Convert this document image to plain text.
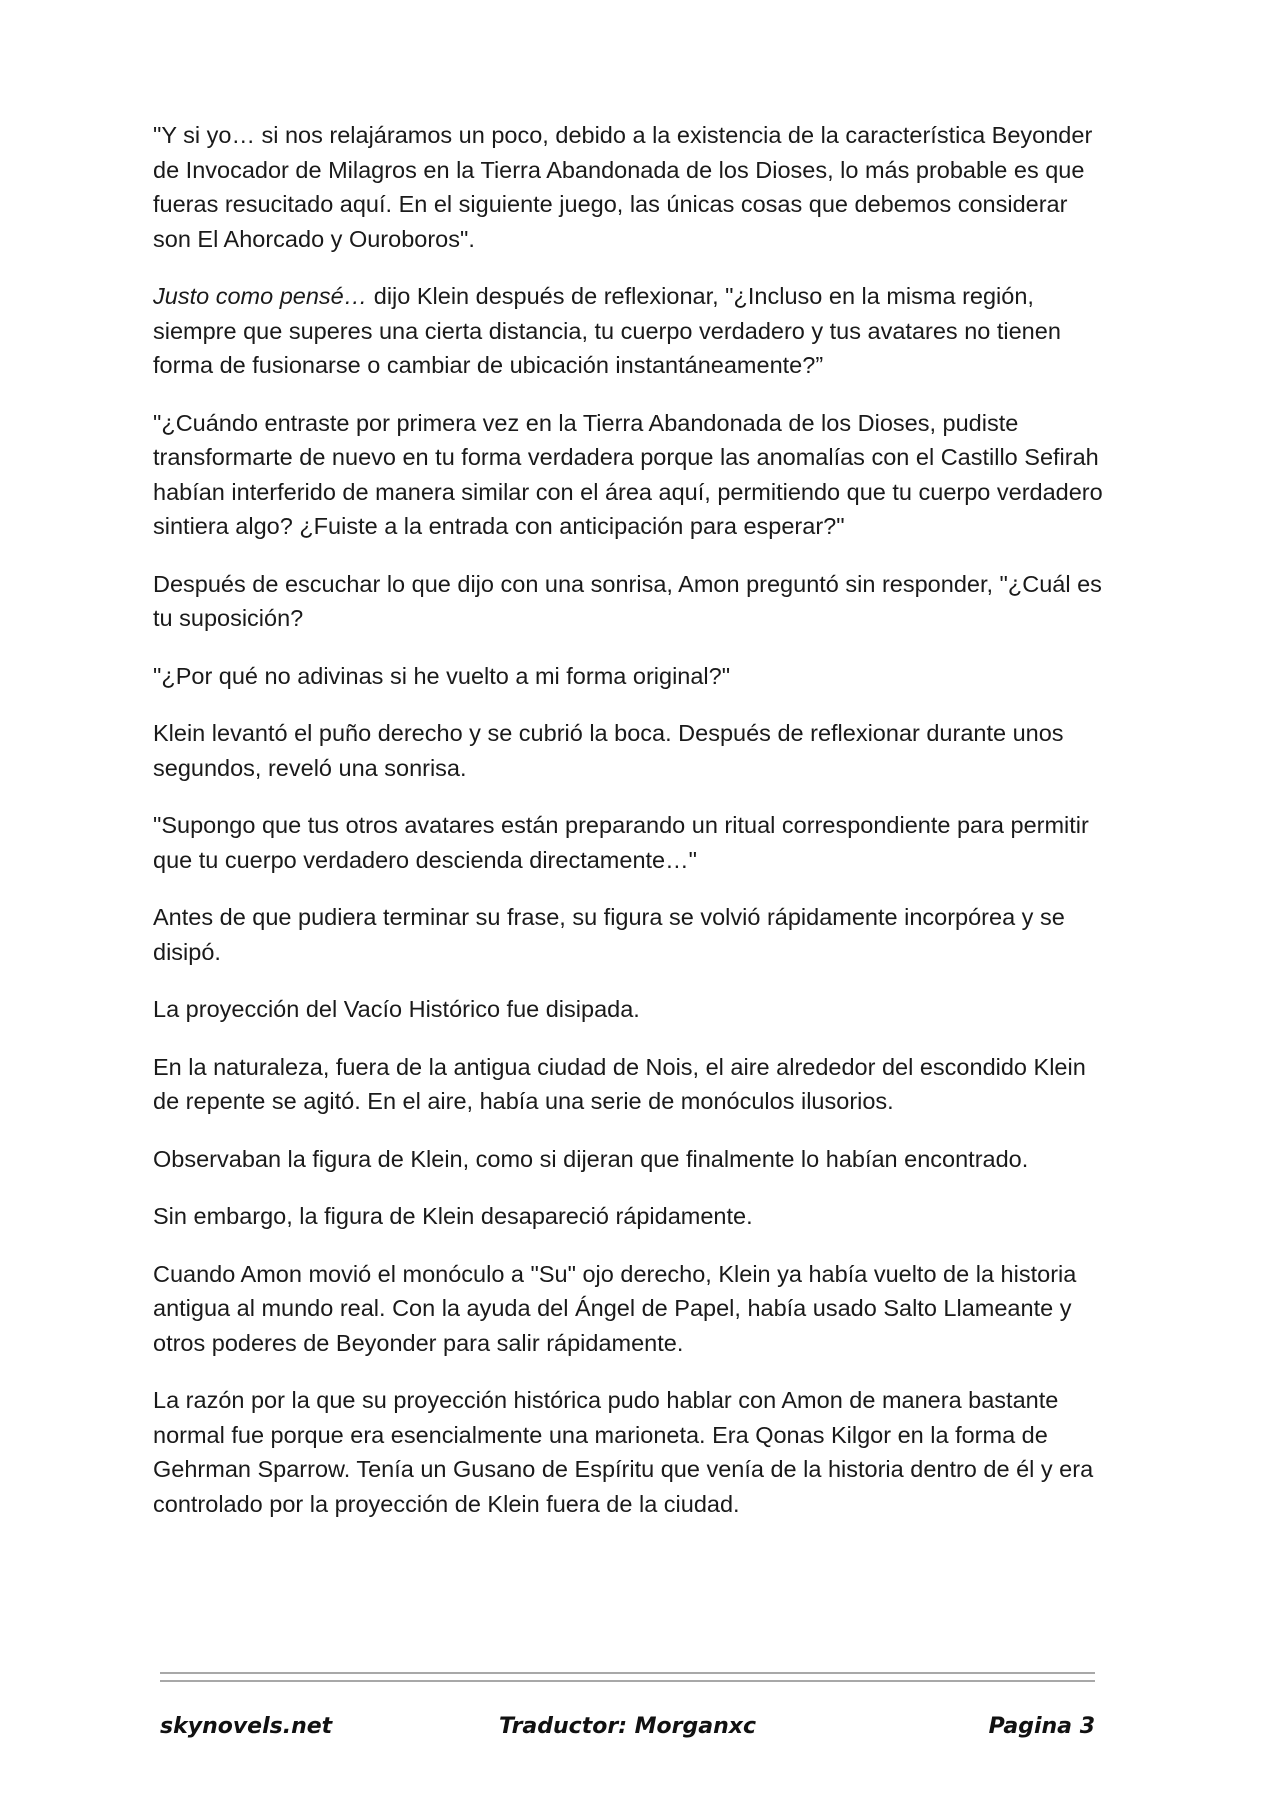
"Y si yo… si nos relajáramos un poco, debido a la existencia de la característica Beyonder de Invocador de Milagros en la Tierra Abandonada de los Dioses, lo más probable es que fueras resucitado aquí. En el siguiente juego, las únicas cosas que debemos considerar son El Ahorcado y Ouroboros".

Justo como pensé… dijo Klein después de reflexionar, "¿Incluso en la misma región, siempre que superes una cierta distancia, tu cuerpo verdadero y tus avatares no tienen forma de fusionarse o cambiar de ubicación instantáneamente?”

"¿Cuándo entraste por primera vez en la Tierra Abandonada de los Dioses, pudiste transformarte de nuevo en tu forma verdadera porque las anomalías con el Castillo Sefirah habían interferido de manera similar con el área aquí, permitiendo que tu cuerpo verdadero sintiera algo? ¿Fuiste a la entrada con anticipación para esperar?"

Después de escuchar lo que dijo con una sonrisa, Amon preguntó sin responder, "¿Cuál es tu suposición?

"¿Por qué no adivinas si he vuelto a mi forma original?"

Klein levantó el puño derecho y se cubrió la boca. Después de reflexionar durante unos segundos, reveló una sonrisa.

"Supongo que tus otros avatares están preparando un ritual correspondiente para permitir que tu cuerpo verdadero descienda directamente…"

Antes de que pudiera terminar su frase, su figura se volvió rápidamente incorpórea y se disipó.

La proyección del Vacío Histórico fue disipada.

En la naturaleza, fuera de la antigua ciudad de Nois, el aire alrededor del escondido Klein de repente se agitó. En el aire, había una serie de monóculos ilusorios.

Observaban la figura de Klein, como si dijeran que finalmente lo habían encontrado.

Sin embargo, la figura de Klein desapareció rápidamente.

Cuando Amon movió el monóculo a "Su" ojo derecho, Klein ya había vuelto de la historia antigua al mundo real. Con la ayuda del Ángel de Papel, había usado Salto Llameante y otros poderes de Beyonder para salir rápidamente.

La razón por la que su proyección histórica pudo hablar con Amon de manera bastante normal fue porque era esencialmente una marioneta. Era Qonas Kilgor en la forma de Gehrman Sparrow. Tenía un Gusano de Espíritu que venía de la historia dentro de él y era controlado por la proyección de Klein fuera de la ciudad.

skynovels.net	Traductor: Morganxc	Pagina 3
